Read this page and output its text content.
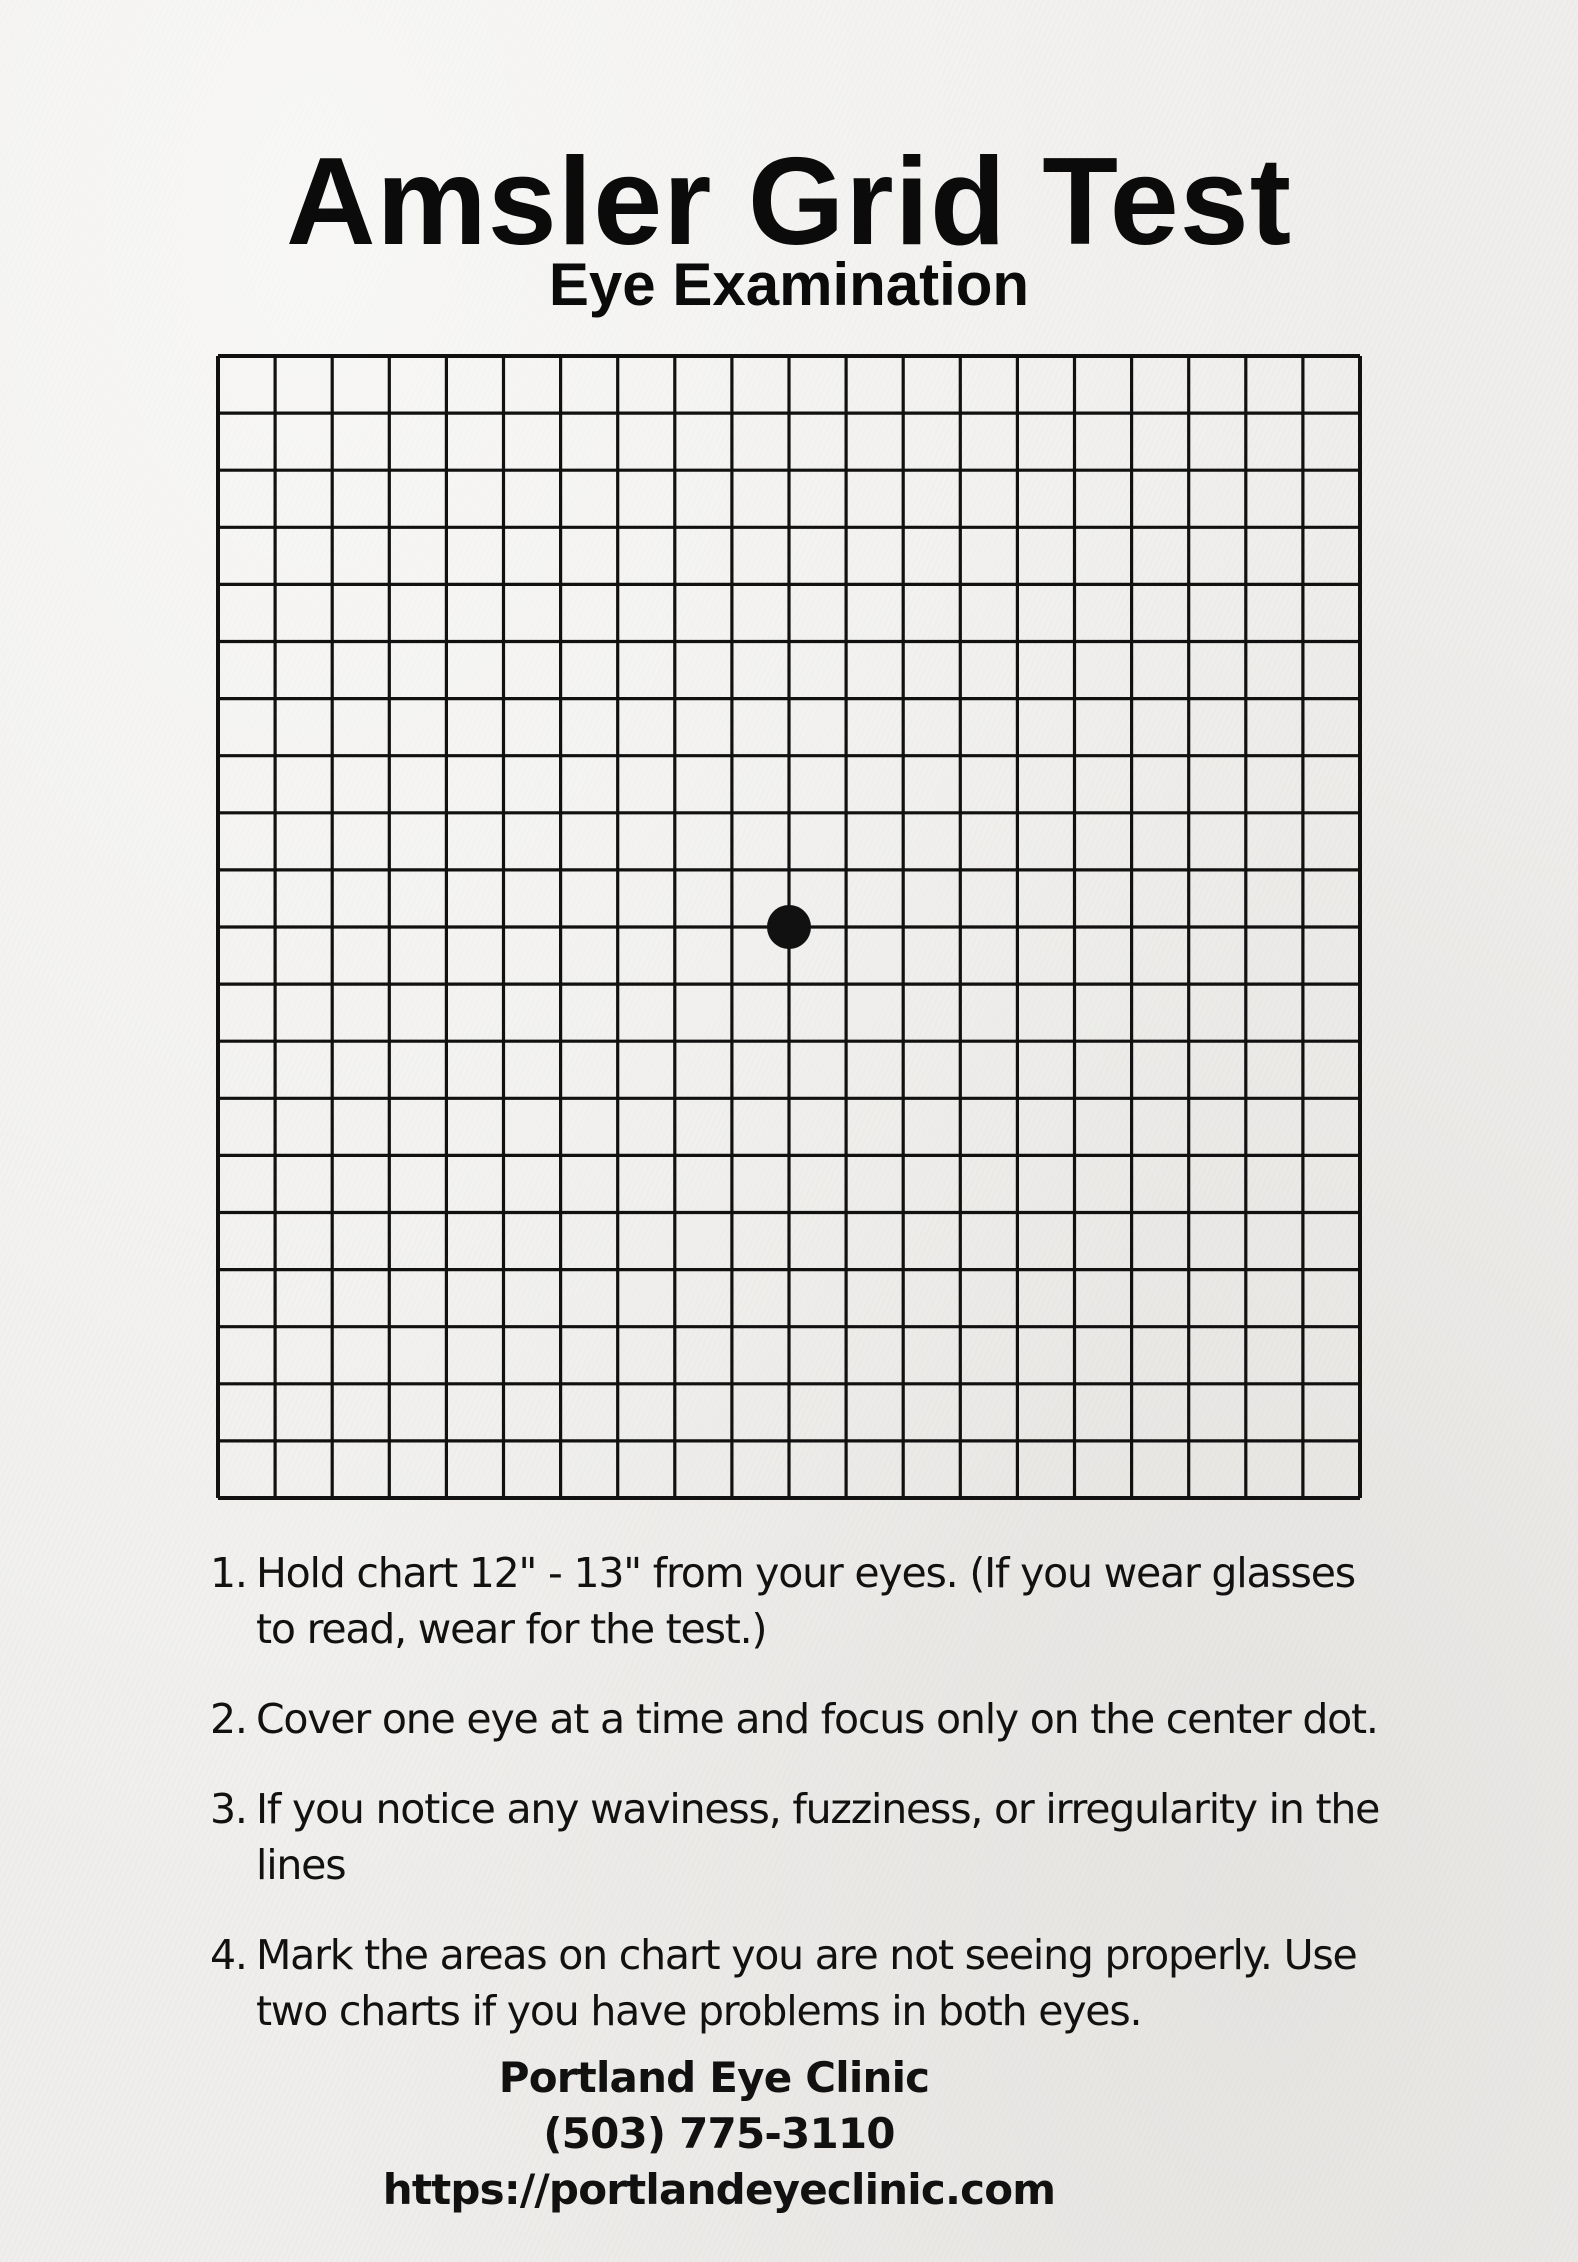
Amsler Grid Test
Eye Examination
1. Hold chart 12" - 13" from your eyes. (If you wear glasses to read, wear for the test.)
2. Cover one eye at a time and focus only on the center dot.
3. If you notice any waviness, fuzziness, or irregularity in the lines
4. Mark the areas on chart you are not seeing properly. Use two charts if you have problems in both eyes.
Portland Eye Clinic
(503) 775-3110
https://portlandeyeclinic.com
